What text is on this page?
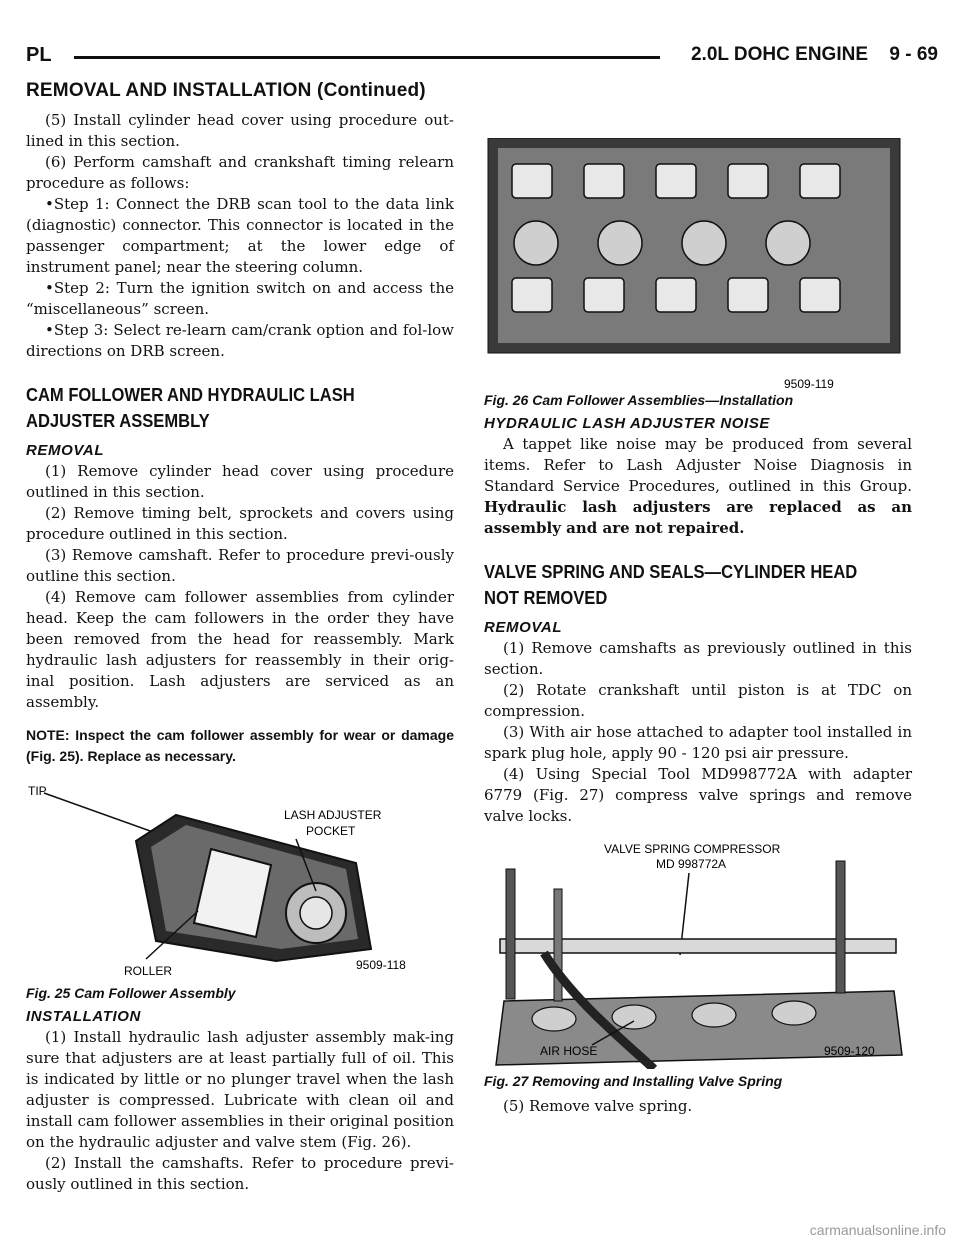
PL	2.0L DOHC ENGINE 9 - 69
REMOVAL AND INSTALLATION (Continued)

(5) Install cylinder head cover using procedure out-lined in this section.

(6) Perform camshaft and crankshaft timing relearn procedure as follows:

•Step 1: Connect the DRB scan tool to the data link (diagnostic) connector. This connector is located in the passenger compartment; at the lower edge of instrument panel; near the steering column.

•Step 2: Turn the ignition switch on and access the “miscellaneous” screen.

•Step 3: Select re-learn cam/crank option and fol-low directions on DRB screen.

CAM FOLLOWER AND HYDRAULIC LASH ADJUSTER ASSEMBLY
REMOVAL

(1) Remove cylinder head cover using procedure outlined in this section.

(2) Remove timing belt, sprockets and covers using procedure outlined in this section.

(3) Remove camshaft. Refer to procedure previ-ously outline this section.

(4) Remove cam follower assemblies from cylinder head. Keep the cam followers in the order they have been removed from the head for reassembly. Mark hydraulic lash adjusters for reassembly in their orig-inal position. Lash adjusters are serviced as an assembly.

NOTE: Inspect the cam follower assembly for wear or damage (Fig. 25). Replace as necessary.

TIP
LASH ADJUSTER
POCKET
ROLLER	9509-118
Fig. 25 Cam Follower Assembly
INSTALLATION

(1) Install hydraulic lash adjuster assembly mak-ing sure that adjusters are at least partially full of oil. This is indicated by little or no plunger travel when the lash adjuster is compressed. Lubricate with clean oil and install cam follower assemblies in their original position on the hydraulic adjuster and valve stem (Fig. 26).

(2) Install the camshafts. Refer to procedure previ-ously outlined in this section.

9509-119
Fig. 26 Cam Follower Assemblies—Installation
HYDRAULIC LASH ADJUSTER NOISE

A tappet like noise may be produced from several items. Refer to Lash Adjuster Noise Diagnosis in Standard Service Procedures, outlined in this Group. Hydraulic lash adjusters are replaced as an assembly and are not repaired.

VALVE SPRING AND SEALS—CYLINDER HEAD NOT REMOVED
REMOVAL

(1) Remove camshafts as previously outlined in this section.

(2) Rotate crankshaft until piston is at TDC on compression.

(3) With air hose attached to adapter tool installed in spark plug hole, apply 90 - 120 psi air pressure.

(4) Using Special Tool MD998772A with adapter 6779 (Fig. 27) compress valve springs and remove valve locks.

VALVE SPRING COMPRESSOR
MD 998772A
AIR HOSE	9509-120
Fig. 27 Removing and Installing Valve Spring

(5) Remove valve spring.

carmanualsonline.info
